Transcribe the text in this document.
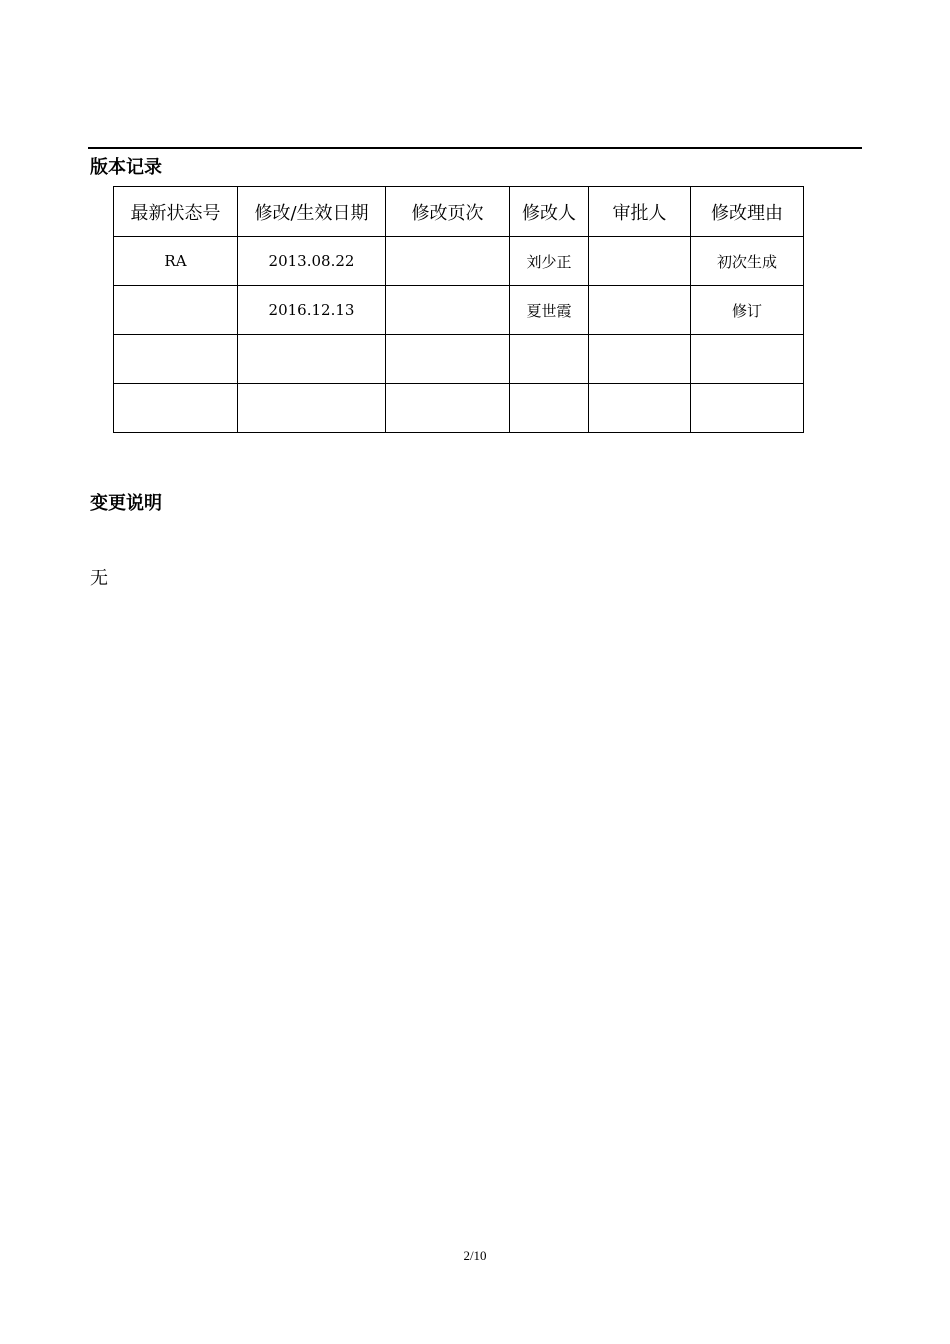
版本记录
最新状态号	修改/生效日期	修改页次	修改人	审批人	修改理由
RA	2013.08.22		刘少正		初次生成
	2016.12.13		夏世霞		修订

变更说明

无

2/10
